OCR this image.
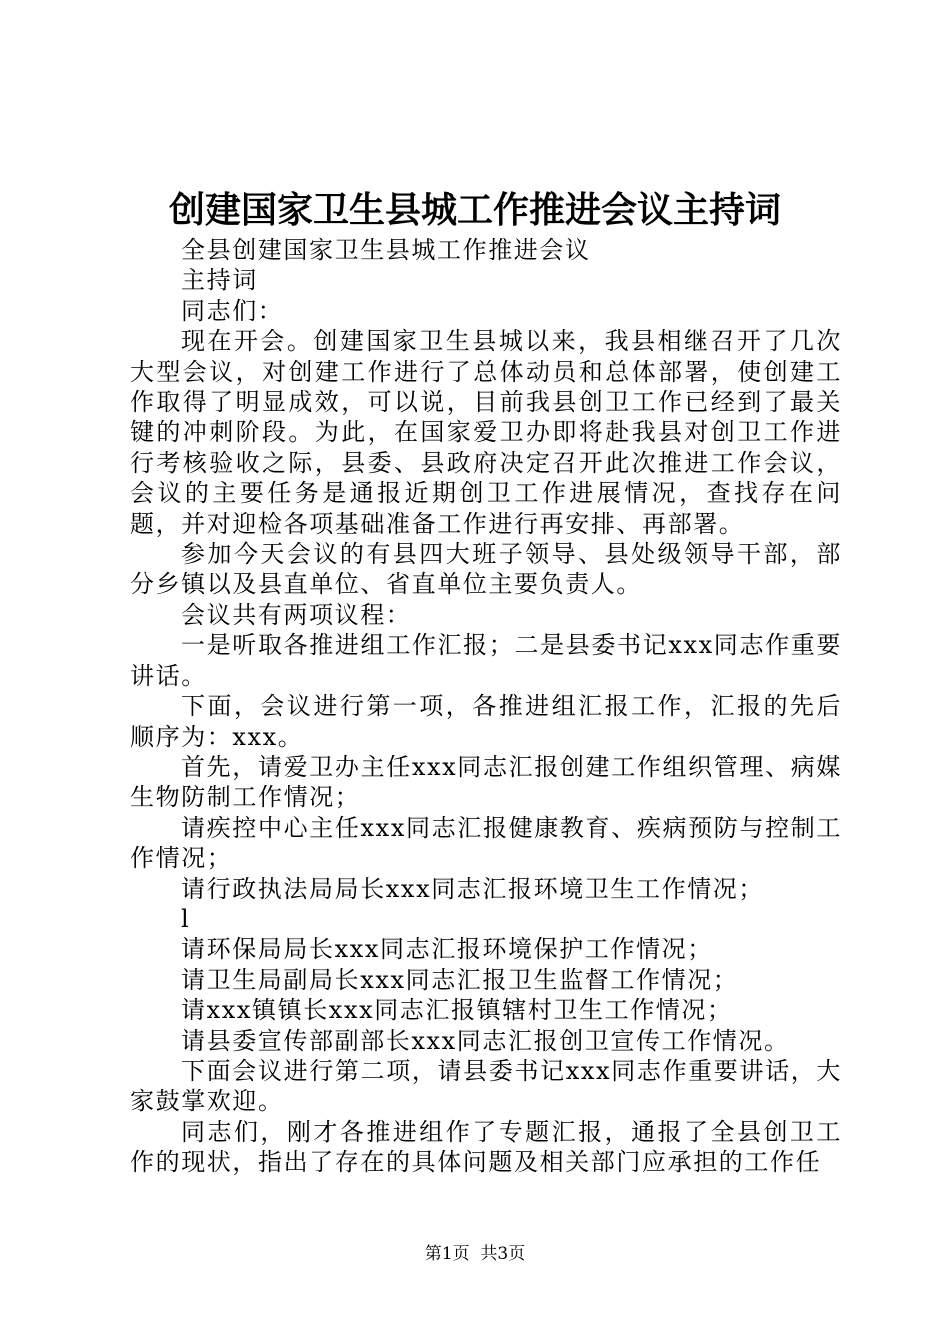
创建国家卫生县城工作推进会议主持词

全县创建国家卫生县城工作推进会议

主持词

同志们：

现在开会。创建国家卫生县城以来，我县相继召开了几次大型会议，对创建工作进行了总体动员和总体部署，使创建工作取得了明显成效，可以说，目前我县创卫工作已经到了最关键的冲刺阶段。为此，在国家爱卫办即将赴我县对创卫工作进行考核验收之际，县委、县政府决定召开此次推进工作会议，会议的主要任务是通报近期创卫工作进展情况，查找存在问题，并对迎检各项基础准备工作进行再安排、再部署。

参加今天会议的有县四大班子领导、县处级领导干部，部分乡镇以及县直单位、省直单位主要负责人。

会议共有两项议程：

一是听取各推进组工作汇报；二是县委书记xxx同志作重要讲话。

下面，会议进行第一项，各推进组汇报工作，汇报的先后顺序为：xxx。

首先，请爱卫办主任xxx同志汇报创建工作组织管理、病媒生物防制工作情况；

请疾控中心主任xxx同志汇报健康教育、疾病预防与控制工作情况；

请行政执法局局长xxx同志汇报环境卫生工作情况；

l

请环保局局长xxx同志汇报环境保护工作情况；

请卫生局副局长xxx同志汇报卫生监督工作情况；

请xxx镇镇长xxx同志汇报镇辖村卫生工作情况；

请县委宣传部副部长xxx同志汇报创卫宣传工作情况。

下面会议进行第二项，请县委书记xxx同志作重要讲话，大家鼓掌欢迎。

同志们，刚才各推进组作了专题汇报，通报了全县创卫工作的现状，指出了存在的具体问题及相关部门应承担的工作任

第1页  共3页
